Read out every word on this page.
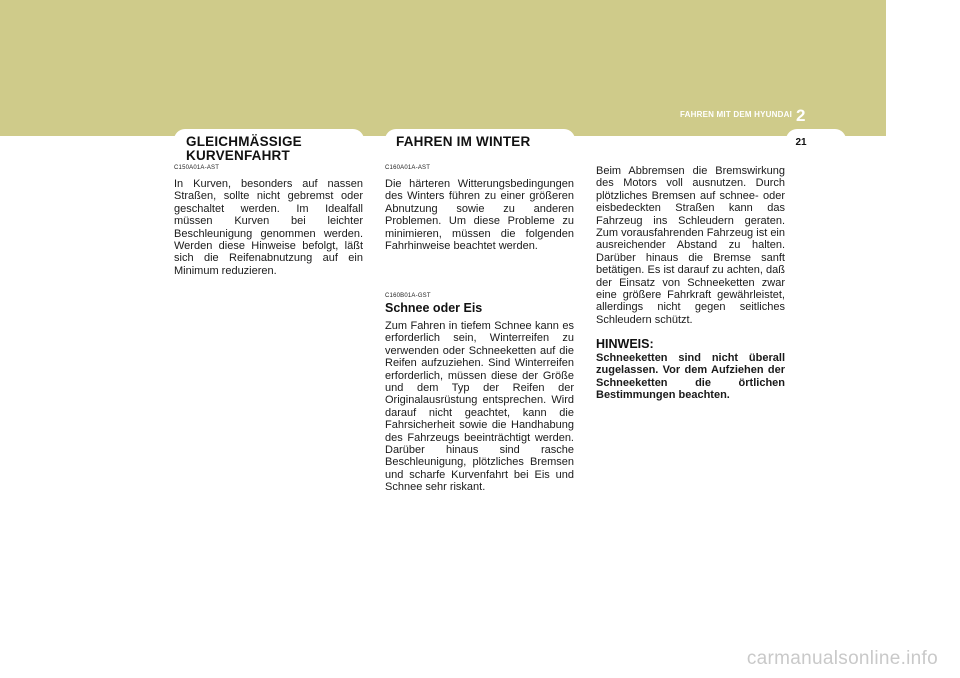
FAHREN MIT DEM HYUNDAI 2
21
GLEICHMÄSSIGE KURVENFAHRT
C150A01A-AST

In Kurven, besonders auf nassen Straßen, sollte nicht gebremst oder geschaltet werden. Im Idealfall müssen Kurven bei leichter Beschleunigung genommen werden. Werden diese Hinweise befolgt, läßt sich die Reifenabnutzung auf ein Minimum reduzieren.

FAHREN IM WINTER
C160A01A-AST

Die härteren Witterungsbedingungen des Winters führen zu einer größeren Abnutzung sowie zu anderen Problemen. Um diese Probleme zu minimieren, müssen die folgenden Fahrhinweise beachtet werden.

C160B01A-GST

Schnee oder Eis

Zum Fahren in tiefem Schnee kann es erforderlich sein, Winterreifen zu verwenden oder Schneeketten auf die Reifen aufzuziehen. Sind Winterreifen erforderlich, müssen diese der Größe und dem Typ der Reifen der Originalausrüstung entsprechen. Wird darauf nicht geachtet, kann die Fahrsicherheit sowie die Handhabung des Fahrzeugs beeinträchtigt werden. Darüber hinaus sind rasche Beschleunigung, plötzliches Bremsen und scharfe Kurvenfahrt bei Eis und Schnee sehr riskant.

Beim Abbremsen die Bremswirkung des Motors voll ausnutzen. Durch plötzliches Bremsen auf schnee- oder eisbedeckten Straßen kann das Fahrzeug ins Schleudern geraten. Zum vorausfahrenden Fahrzeug ist ein ausreichender Abstand zu halten. Darüber hinaus die Bremse sanft betätigen. Es ist darauf zu achten, daß der Einsatz von Schneeketten zwar eine größere Fahrkraft gewährleistet, allerdings nicht gegen seitliches Schleudern schützt.

HINWEIS:

Schneeketten sind nicht überall zugelassen. Vor dem Aufziehen der Schneeketten die örtlichen Bestimmungen beachten.

carmanualsonline.info
